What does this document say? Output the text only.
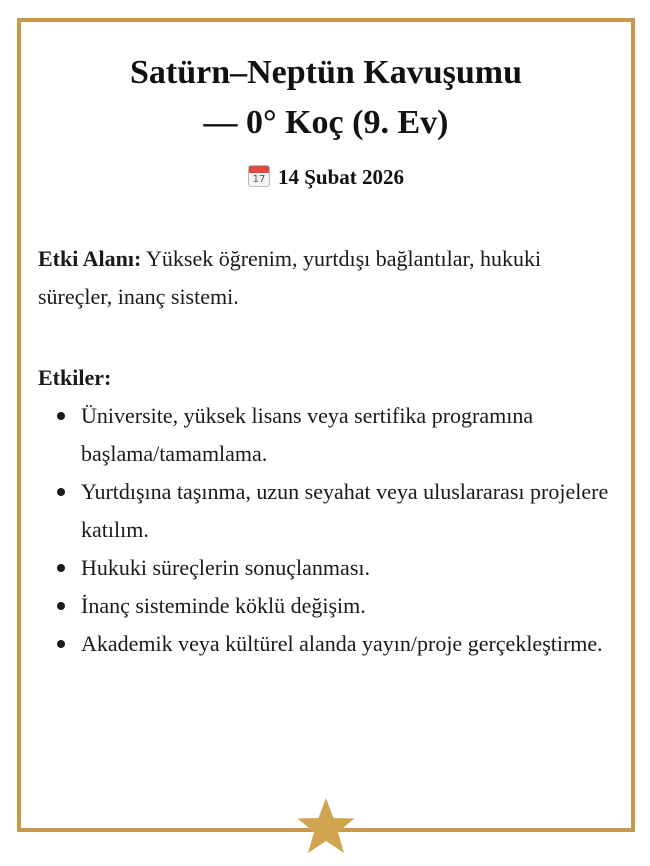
Satürn–Neptün Kavuşumu
— 0° Koç (9. Ev)
17 14 Şubat 2026
Etki Alanı: Yüksek öğrenim, yurtdışı bağlantılar, hukuki süreçler, inanç sistemi.
Etkiler:
Üniversite, yüksek lisans veya sertifika programına başlama/tamamlama.
Yurtdışına taşınma, uzun seyahat veya uluslararası projelere katılım.
Hukuki süreçlerin sonuçlanması.
İnanç sisteminde köklü değişim.
Akademik veya kültürel alanda yayın/proje gerçekleştirme.
